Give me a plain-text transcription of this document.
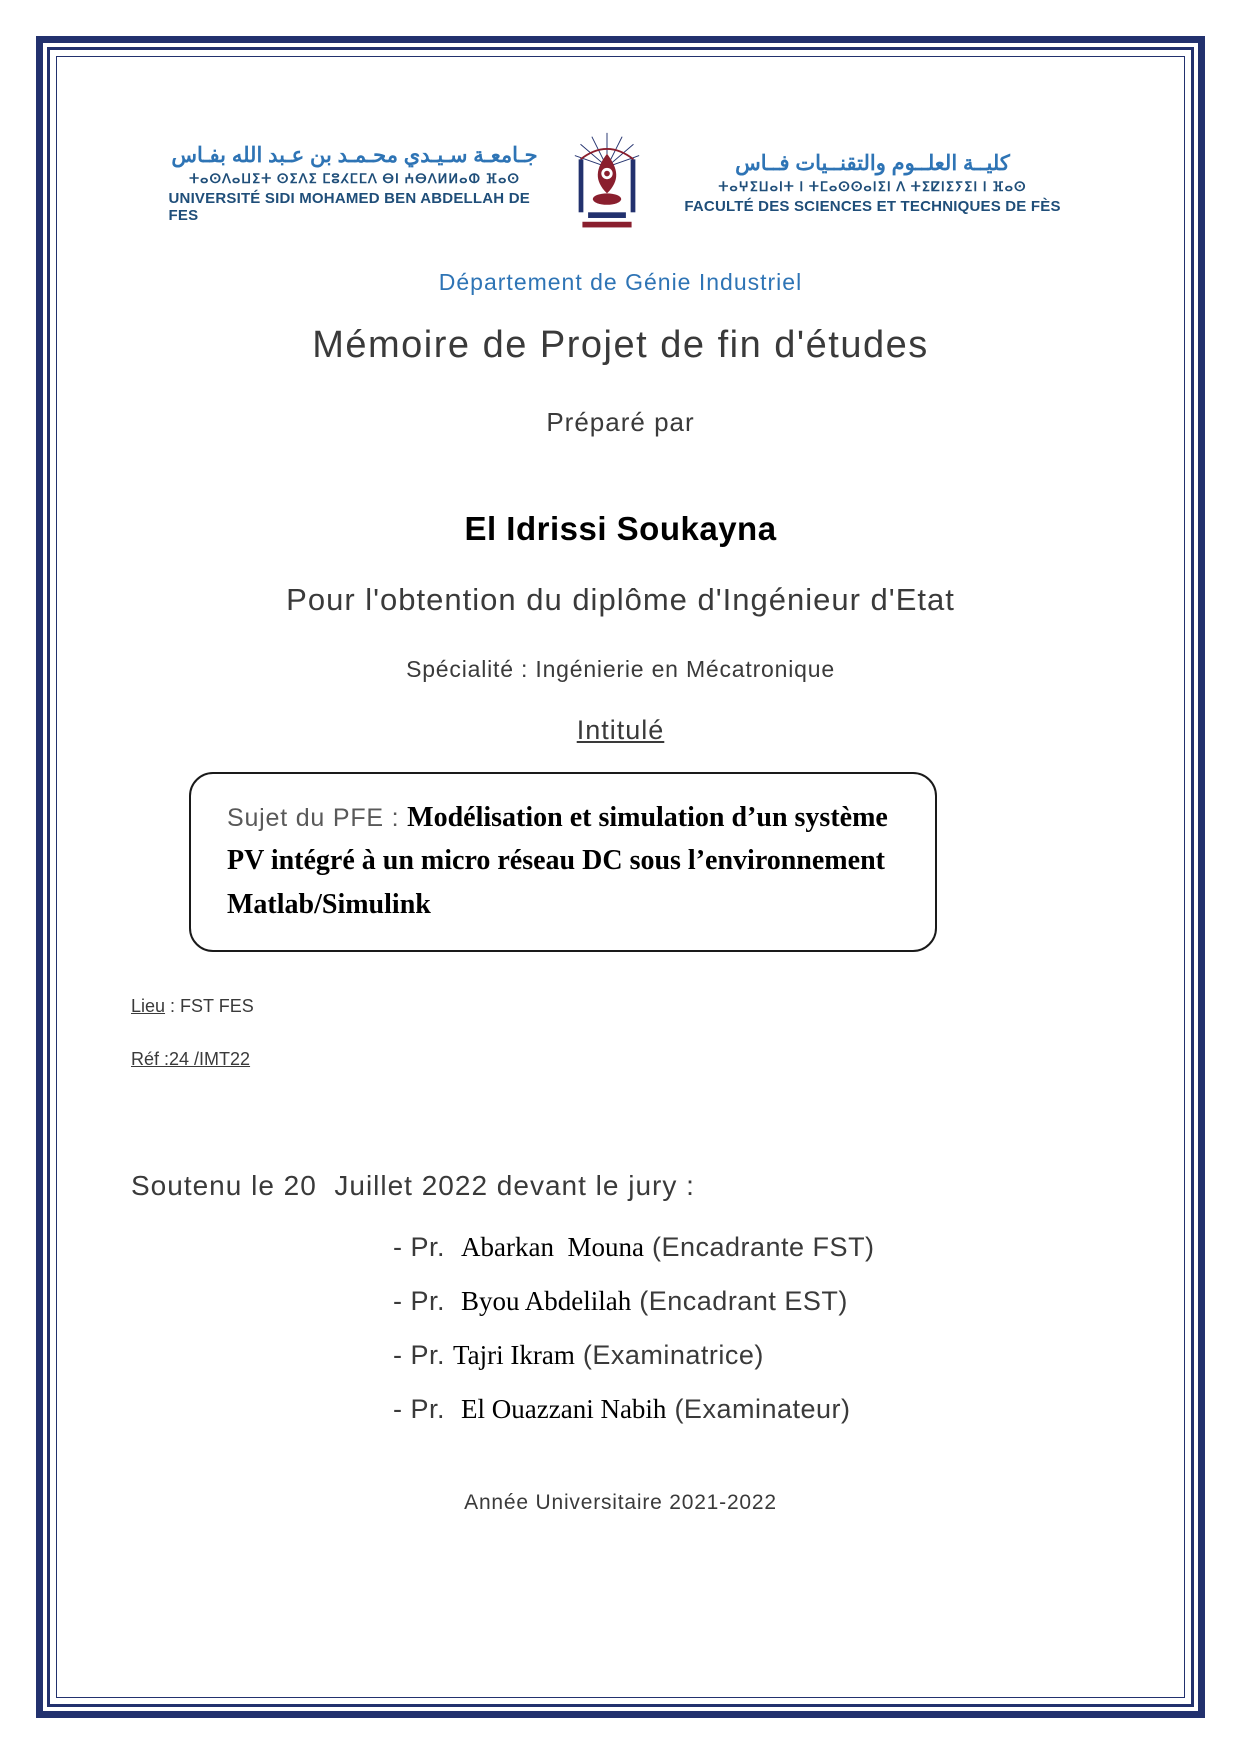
جـامعـة سـيـدي محـمـد بن عـبد الله بفـاس
ⵜⴰⵙⴷⴰⵡⵉⵜ ⵙⵉⴷⵉ ⵎⵓⵃⵎⵎⴷ ⴱⵏ ⵄⴱⴷⵍⵍⴰⵀ ⴼⴰⵙ
UNIVERSITÉ SIDI MOHAMED BEN ABDELLAH DE FES
كليــة العلــوم والتقنــيات فــاس
ⵜⴰⵖⵉⵡⴰⵏⵜ ⵏ ⵜⵎⴰⵙⵙⴰⵏⵉⵏ ⴷ ⵜⵉⵇⵏⵉⵢⵉⵏ ⵏ ⴼⴰⵙ
FACULTÉ DES SCIENCES ET TECHNIQUES DE FÈS
Département de Génie Industriel
Mémoire de Projet de fin d'études
Préparé par
El Idrissi Soukayna
Pour l'obtention du diplôme d'Ingénieur d'Etat
Spécialité : Ingénierie en Mécatronique
Intitulé
Sujet du PFE : Modélisation et simulation d’un système PV intégré à un micro réseau DC sous l’environnement Matlab/Simulink
Lieu : FST FES
Réf :24 /IMT22
Soutenu le 20  Juillet 2022 devant le jury :
- Pr.  Abarkan  Mouna (Encadrante FST)
- Pr.  Byou Abdelilah (Encadrant EST)
- Pr. Tajri Ikram (Examinatrice)
- Pr.  El Ouazzani Nabih (Examinateur)
Année Universitaire 2021-2022
